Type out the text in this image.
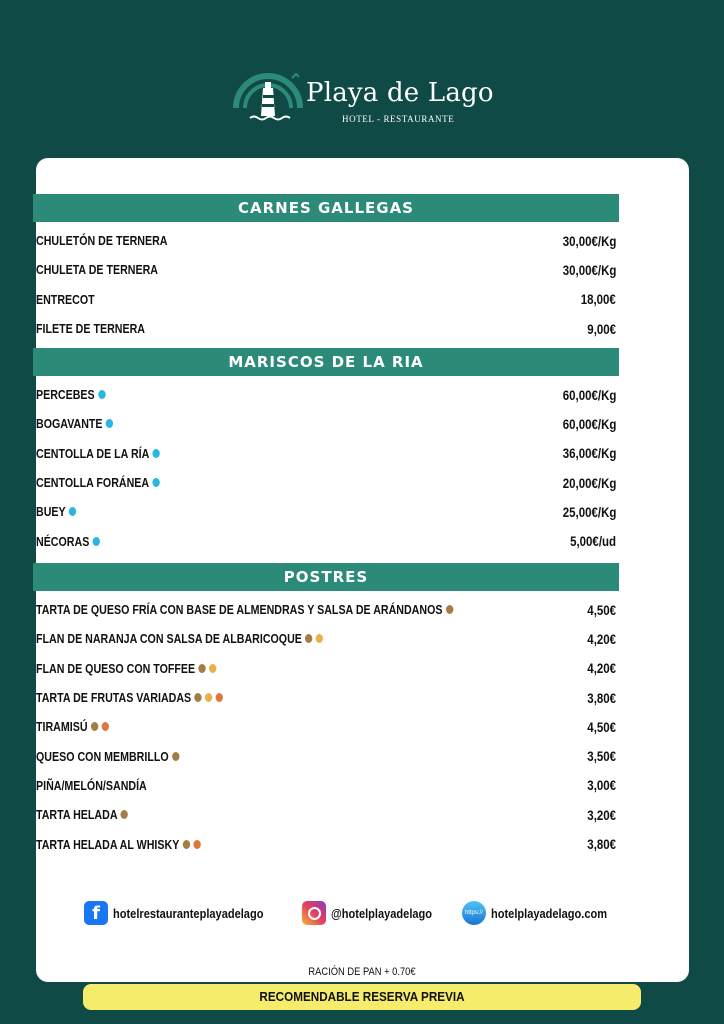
Playa de Lago
HOTEL - RESTAURANTE
CARNES GALLEGAS
CHULETÓN DE TERNERA	30,00€/Kg
CHULETA DE TERNERA	30,00€/Kg
ENTRECOT	18,00€
FILETE DE TERNERA	9,00€
MARISCOS DE LA RIA
PERCEBES	60,00€/Kg
BOGAVANTE	60,00€/Kg
CENTOLLA DE LA RÍA	36,00€/Kg
CENTOLLA FORÁNEA	20,00€/Kg
BUEY	25,00€/Kg
NÉCORAS	5,00€/ud
POSTRES
TARTA DE QUESO FRÍA CON BASE DE ALMENDRAS Y SALSA DE ARÁNDANOS	4,50€
FLAN DE NARANJA CON SALSA DE ALBARICOQUE	4,20€
FLAN DE QUESO CON TOFFEE	4,20€
TARTA DE FRUTAS VARIADAS	3,80€
TIRAMISÚ	4,50€
QUESO CON MEMBRILLO	3,50€
PIÑA/MELÓN/SANDÍA	3,00€
TARTA HELADA	3,20€
TARTA HELADA AL WHISKY	3,80€
f	hotelrestauranteplayadelago	@hotelplayadelago	https:// hotelplayadelago.com
RACIÓN DE PAN + 0.70€
RECOMENDABLE RESERVA PREVIA
